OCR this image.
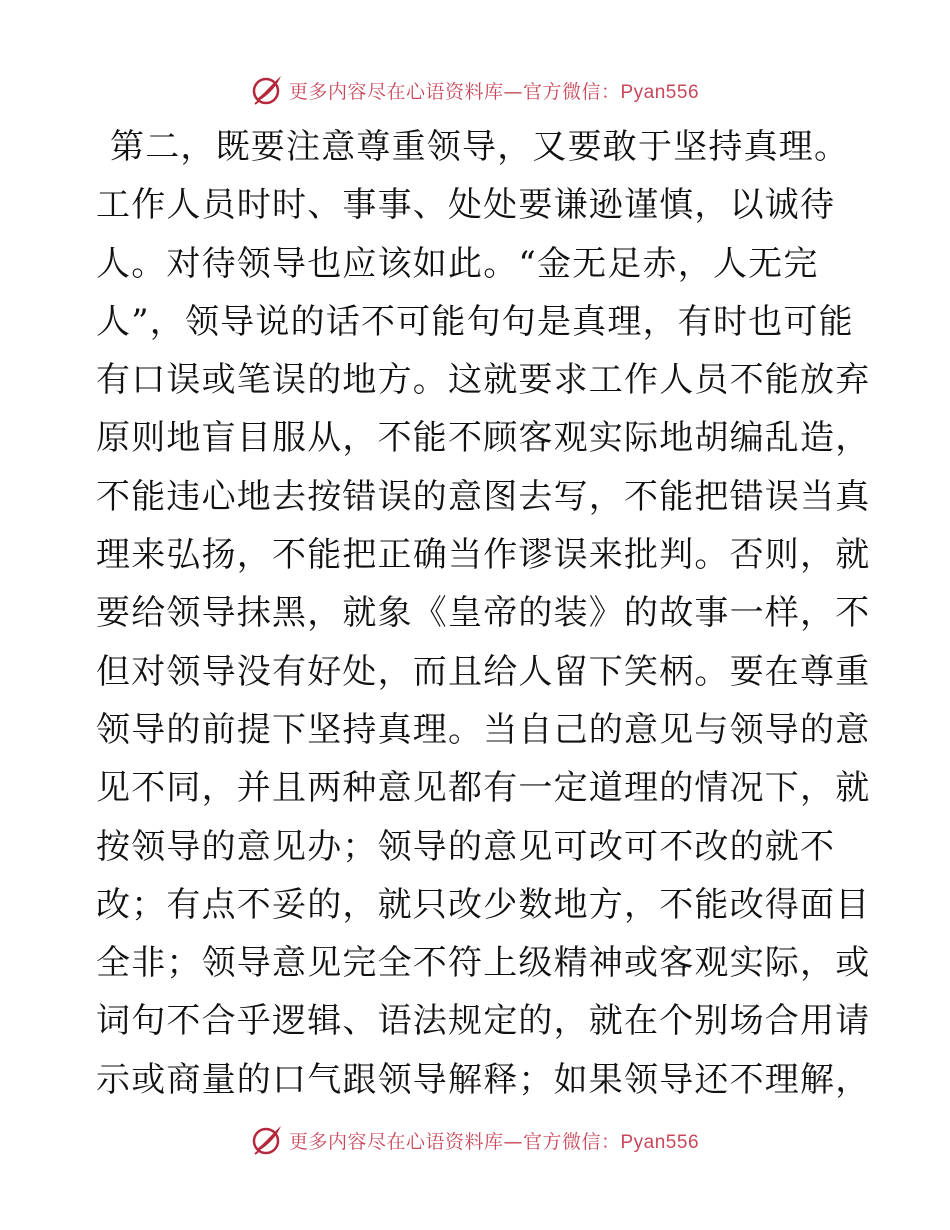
更多内容尽在心语资料库—官方微信：Pyan556
第二，既要注意尊重领导，又要敢于坚持真理。
工作人员时时、事事、处处要谦逊谨慎，以诚待
人。对待领导也应该如此。“金无足赤，人无完
人”，领导说的话不可能句句是真理，有时也可能
有口误或笔误的地方。这就要求工作人员不能放弃
原则地盲目服从，不能不顾客观实际地胡编乱造，
不能违心地去按错误的意图去写，不能把错误当真
理来弘扬，不能把正确当作谬误来批判。否则，就
要给领导抹黑，就象《皇帝的装》的故事一样，不
但对领导没有好处，而且给人留下笑柄。要在尊重
领导的前提下坚持真理。当自己的意见与领导的意
见不同，并且两种意见都有一定道理的情况下，就
按领导的意见办；领导的意见可改可不改的就不
改；有点不妥的，就只改少数地方，不能改得面目
全非；领导意见完全不符上级精神或客观实际，或
词句不合乎逻辑、语法规定的，就在个别场合用请
示或商量的口气跟领导解释；如果领导还不理解，
更多内容尽在心语资料库—官方微信：Pyan556
